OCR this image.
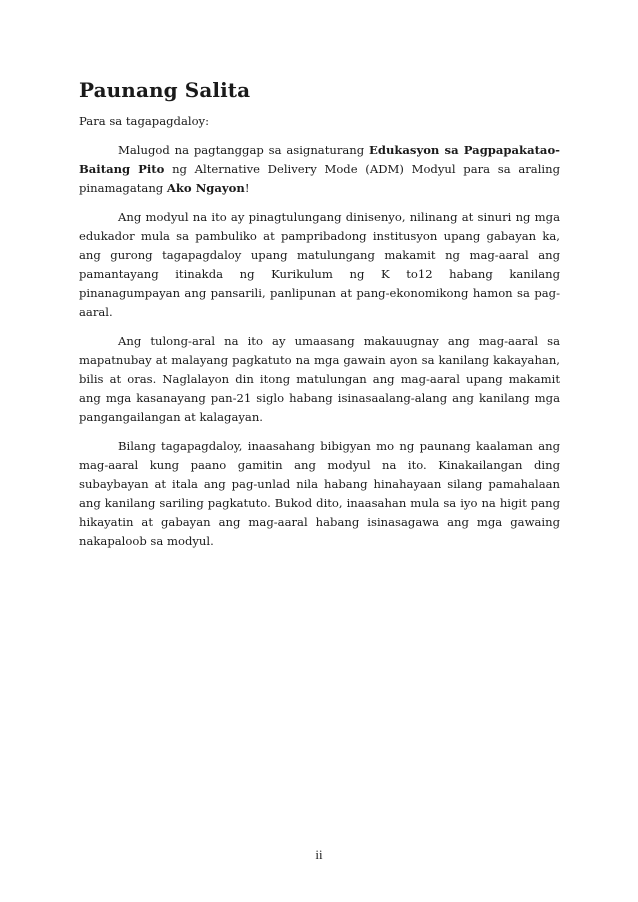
Paunang Salita

Para sa tagapagdaloy:

Malugod na pagtanggap sa asignaturang Edukasyon sa Pagpapakatao-Baitang Pito ng Alternative Delivery Mode (ADM) Modyul para sa araling pinamagatang Ako Ngayon!

Ang modyul na ito ay pinagtulungang dinisenyo, nilinang at sinuri ng mga edukador mula sa pambuliko at pampribadong institusyon upang gabayan ka, ang gurong tagapagdaloy upang matulungang makamit ng mag-aaral ang pamantayang itinakda ng Kurikulum ng K to12 habang kanilang pinanagumpayan ang pansarili, panlipunan at pang-ekonomikong hamon sa pag-aaral.

Ang tulong-aral na ito ay umaasang makauugnay ang mag-aaral sa mapatnubay at malayang pagkatuto na mga gawain ayon sa kanilang kakayahan, bilis at oras. Naglalayon din itong matulungan ang mag-aaral upang makamit ang mga kasanayang pan-21 siglo habang isinasaalang-alang ang kanilang mga pangangailangan at kalagayan.

Bilang tagapagdaloy, inaasahang bibigyan mo ng paunang kaalaman ang mag-aaral kung paano gamitin ang modyul na ito. Kinakailangan ding subaybayan at itala ang pag-unlad nila habang hinahayaan silang pamahalaan ang kanilang sariling pagkatuto. Bukod dito, inaasahan mula sa iyo na higit pang hikayatin at gabayan ang mag-aaral habang isinasagawa ang mga gawaing nakapaloob sa modyul.

ii
